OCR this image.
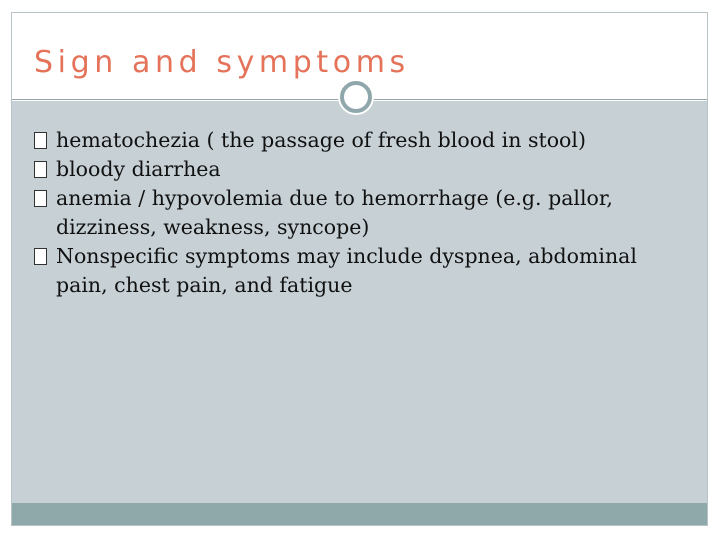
Sign and symptoms
hematochezia ( the passage of fresh blood in stool)
bloody diarrhea
anemia / hypovolemia due to hemorrhage (e.g. pallor, dizziness, weakness, syncope)
Nonspecific symptoms may include dyspnea, abdominal pain, chest pain, and fatigue
